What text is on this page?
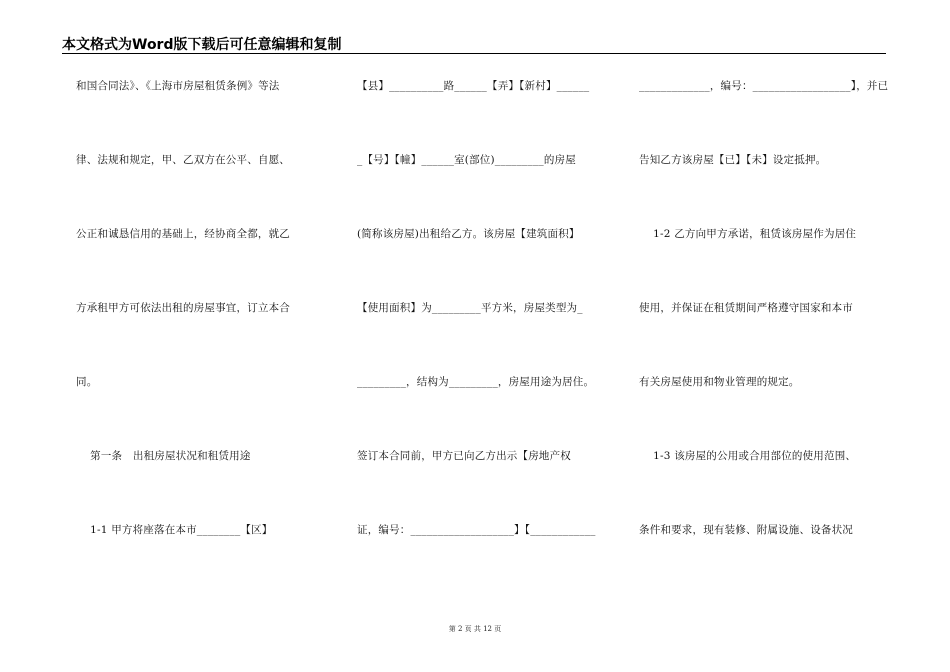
本文格式为Word版下载后可任意编辑和复制
和国合同法》、《上海市房屋租赁条例》等法
律、法规和规定，甲、乙双方在公平、自愿、
公正和诚恳信用的基础上，经协商全都，就乙
方承租甲方可依法出租的房屋事宜，订立本合
同。
第一条   出租房屋状况和租赁用途
1-1 甲方将座落在本市________【区】
【县】__________路______【弄】【新村】______
_【号】【幢】______室(部位)_________的房屋
(简称该房屋)出租给乙方。该房屋【建筑面积】
【使用面积】为_________平方米，房屋类型为_
_________，结构为_________，房屋用途为居住。
签订本合同前，甲方已向乙方出示【房地产权
证，编号：___________________】【____________
_____________，编号：__________________】，并已
告知乙方该房屋【已】【未】设定抵押。
1-2 乙方向甲方承诺，租赁该房屋作为居住
使用，并保证在租赁期间严格遵守国家和本市
有关房屋使用和物业管理的规定。
1-3 该房屋的公用或合用部位的使用范围、
条件和要求，现有装修、附属设施、设备状况
第 2 页 共 12 页
